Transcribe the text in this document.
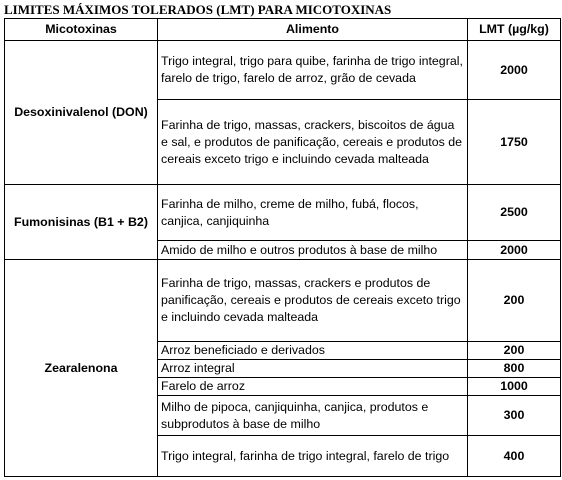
LIMITES MÁXIMOS TOLERADOS (LMT) PARA MICOTOXINAS
Micotoxinas	Alimento	LMT (µg/kg)
Desoxinivalenol (DON)	Trigo integral, trigo para quibe, farinha de trigo integral, farelo de trigo, farelo de arroz, grão de cevada	2000
	Farinha de trigo, massas, crackers, biscoitos de água e sal, e produtos de panificação, cereais e produtos de cereais exceto trigo e incluindo cevada malteada	1750
Fumonisinas (B1 + B2)	Farinha de milho, creme de milho, fubá, flocos, canjica, canjiquinha	2500
	Amido de milho e outros produtos à base de milho	2000
Zearalenona	Farinha de trigo, massas, crackers e produtos de panificação, cereais e produtos de cereais exceto trigo e incluindo cevada malteada	200
	Arroz beneficiado e derivados	200
	Arroz integral	800
	Farelo de arroz	1000
	Milho de pipoca, canjiquinha, canjica, produtos e subprodutos à base de milho	300
	Trigo integral, farinha de trigo integral, farelo de trigo	400
